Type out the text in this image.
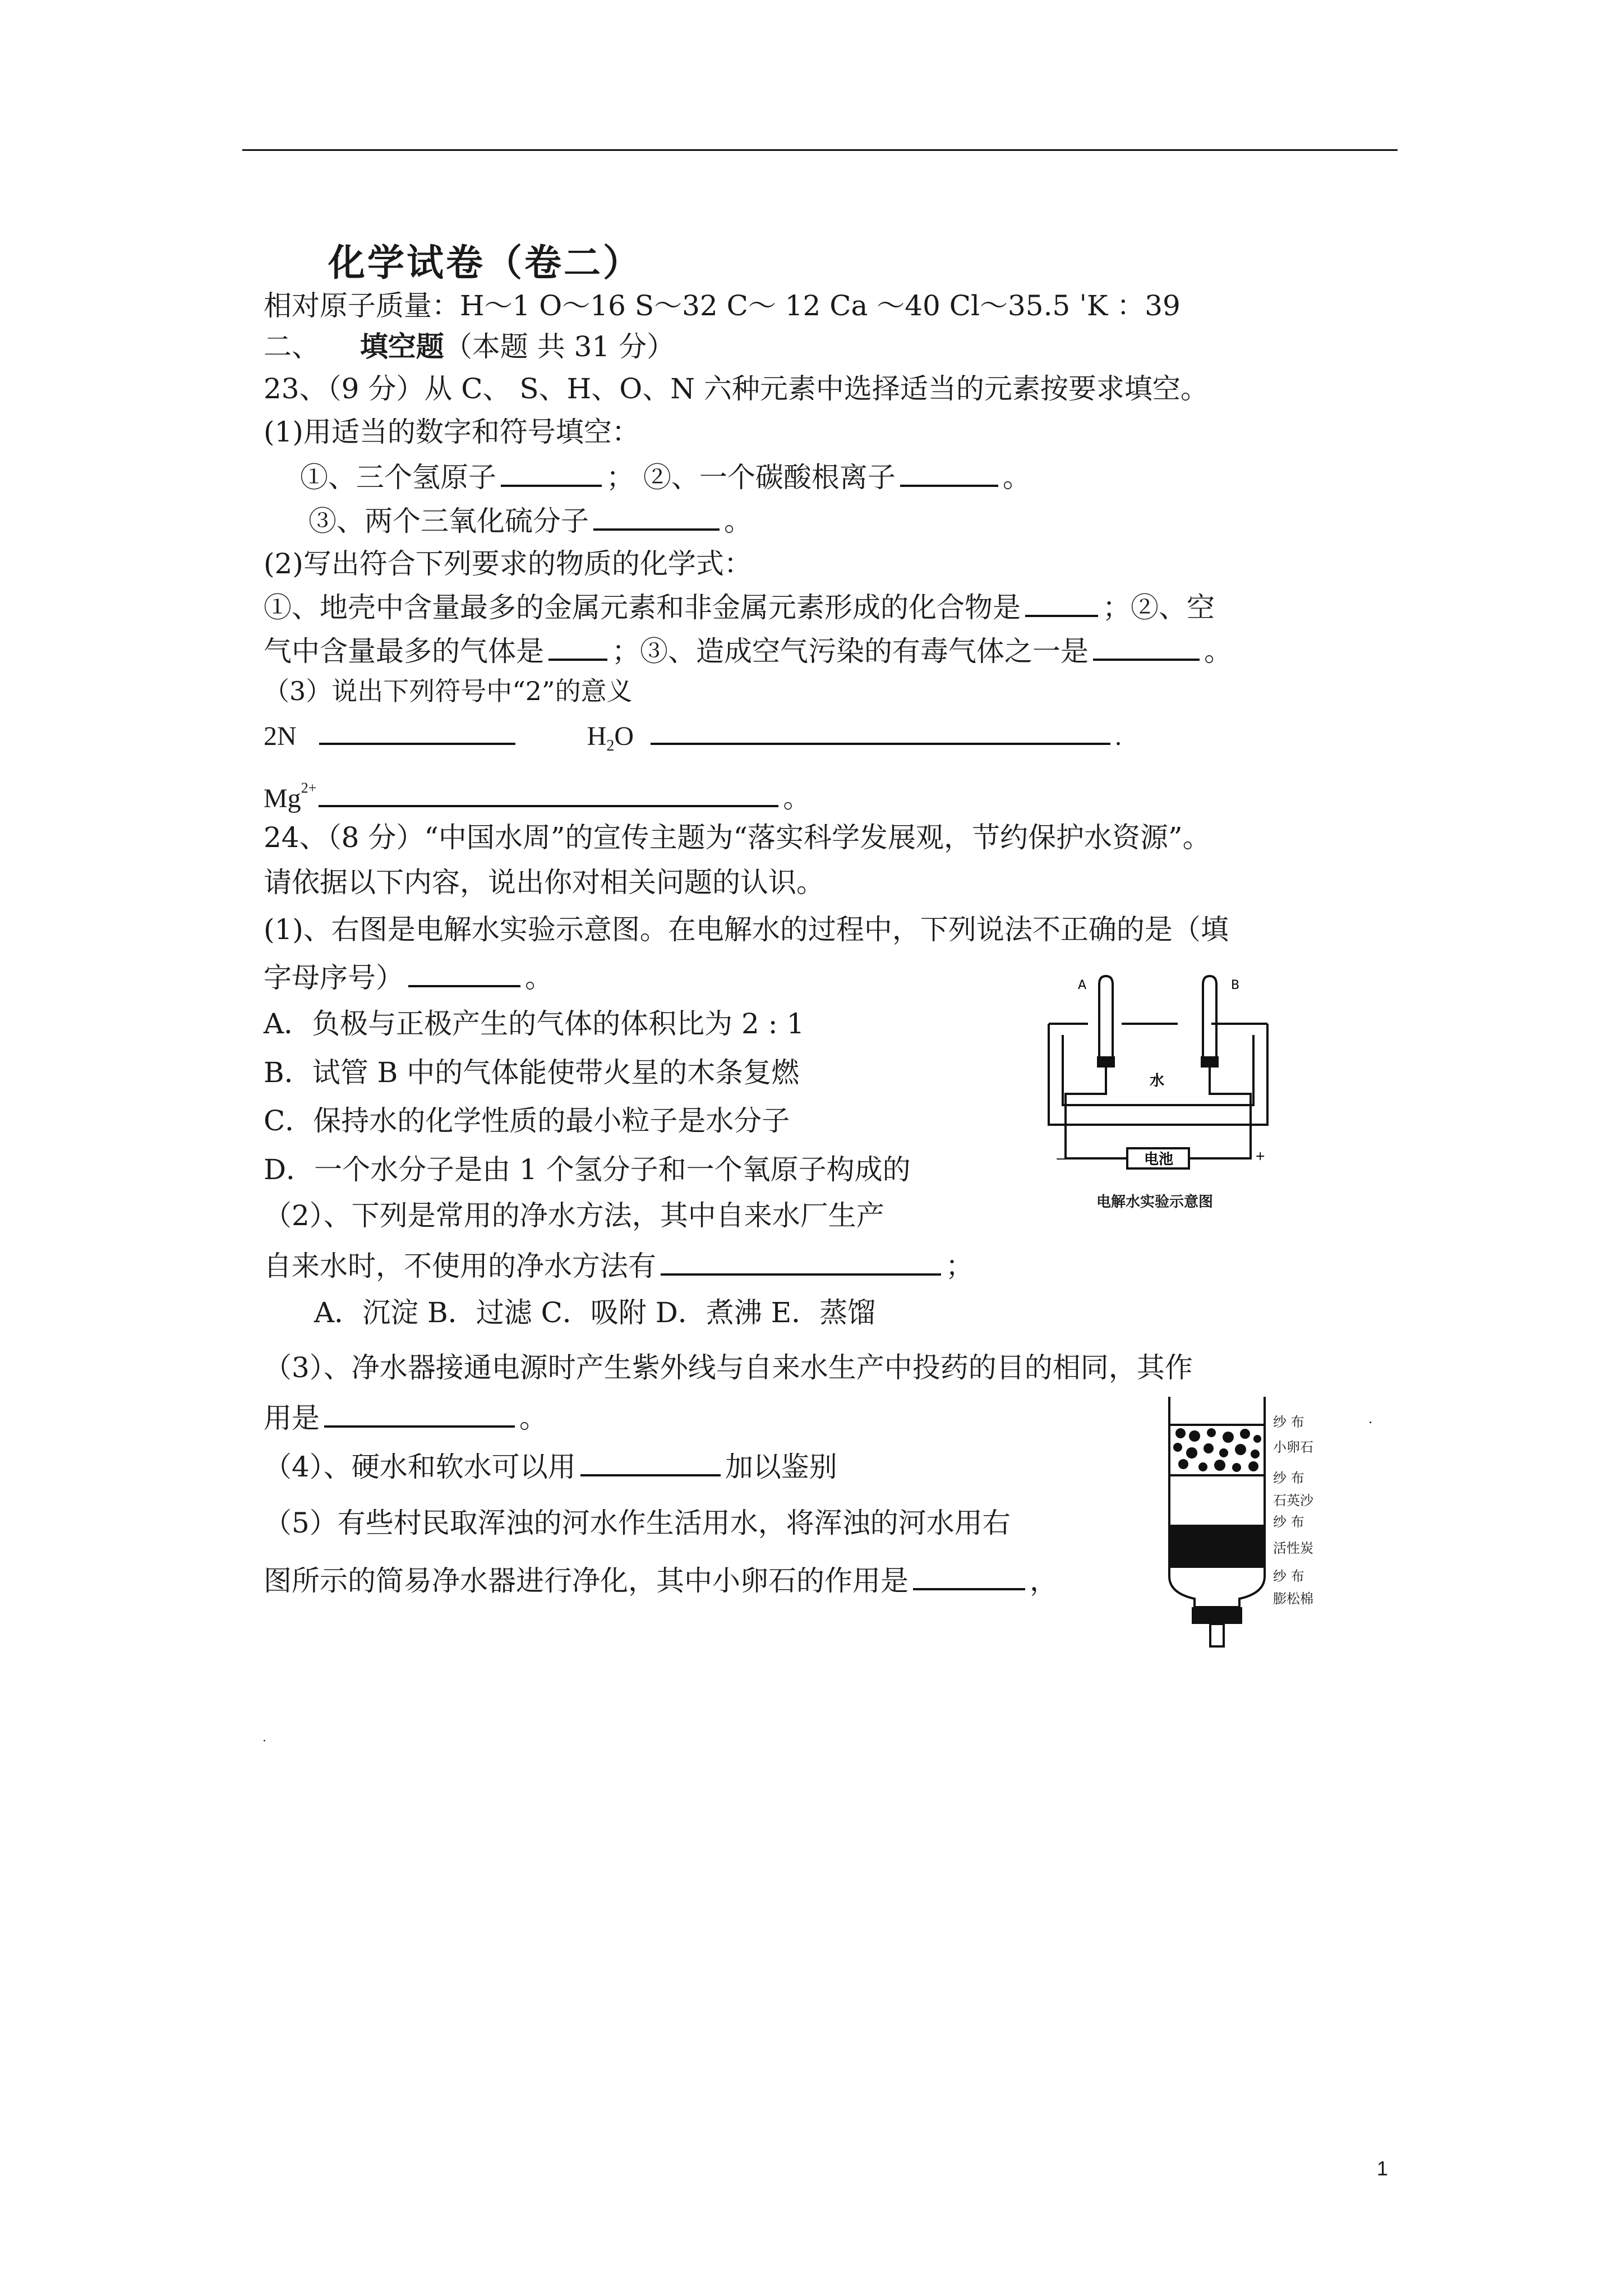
化学试卷（卷二）
相对原子质量：H～1 O～16 S～32 C～ 12 Ca ～40 Cl～35.5 ˈK ：39
二、 填空题（本题 共 31 分）
23、（9 分）从 C、 S、H、O、N 六种元素中选择适当的元素按要求填空。
(1)用适当的数字和符号填空：
①、三个氢原子	； ②、一个碳酸根离子	。
③、两个三氧化硫分子	。
(2)写出符合下列要求的物质的化学式：
①、地壳中含量最多的金属元素和非金属元素形成的化合物是	；②、空
气中含量最多的气体是 ；③、造成空气污染的有毒气体之一是	。
（3）说出下列符号中“2”的意义
2N	$H_2O$	.
$Mg^{2+}$	。
24、（8 分）“中国水周”的宣传主题为“落实科学发展观，节约保护水资源”。
请依据以下内容，说出你对相关问题的认识。
(1)、右图是电解水实验示意图。在电解水的过程中，下列说法不正确的是（填
字母序号）	。
A．负极与正极产生的气体的体积比为 2 : 1
B．试管 B 中的气体能使带火星的木条复燃
C．保持水的化学性质的最小粒子是水分子
D．一个水分子是由 1 个氢分子和一个氧原子构成的
（2）、下列是常用的净水方法，其中自来水厂生产
自来水时，不使用的净水方法有	；
A．沉淀 B．过滤 C．吸附 D．煮沸 E．蒸馏
（3）、净水器接通电源时产生紫外线与自来水生产中投药的目的相同，其作
用是	。
（4）、硬水和软水可以用	加以鉴别
（5）有些村民取浑浊的河水作生活用水，将浑浊的河水用右
图所示的简易净水器进行净化，其中小卵石的作用是	，
A	B
水
电池
−	+
电解水实验示意图
纱 布
小卵石
纱 布
石英沙
纱 布
活性炭
纱 布
膨松棉
.
.
1
